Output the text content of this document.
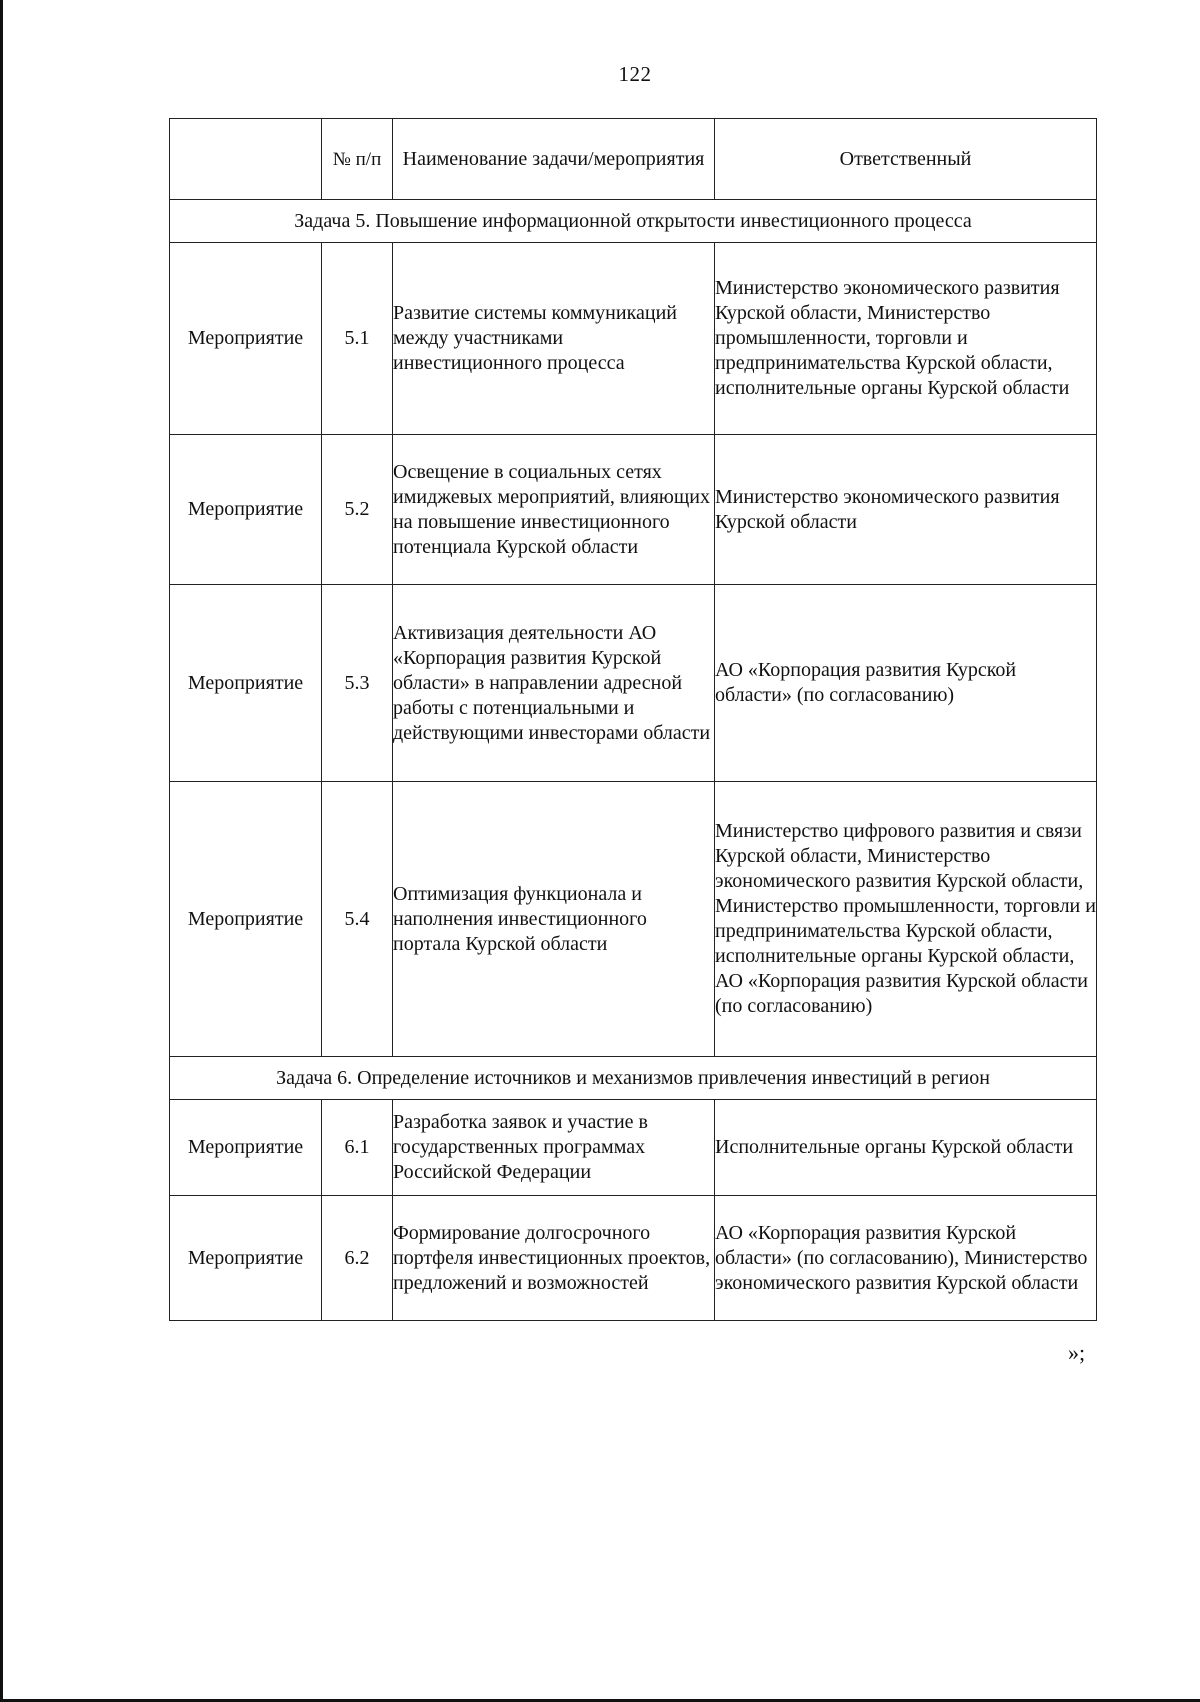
122
	№ п/п	Наименование задачи/мероприятия	Ответственный
Задача 5. Повышение информационной открытости инвестиционного процесса			
Мероприятие	5.1	Развитие системы коммуникаций между участниками инвестиционного процесса	Министерство экономического развития Курской области, Министерство промышленности, торговли и предпринимательства Курской области, исполнительные органы Курской области
Мероприятие	5.2	Освещение в социальных сетях имиджевых мероприятий, влияющих на повышение инвестиционного потенциала Курской области	Министерство экономического развития Курской области
Мероприятие	5.3	Активизация деятельности АО «Корпорация развития Курской области» в направлении адресной работы с потенциальными и действующими инвесторами области	АО «Корпорация развития Курской области» (по согласованию)
Мероприятие	5.4	Оптимизация функционала и наполнения инвестиционного портала Курской области	Министерство цифрового развития и связи Курской области, Министерство экономического развития Курской области, Министерство промышленности, торговли и предпринимательства Курской области, исполнительные органы Курской области, АО «Корпорация развития Курской области (по согласованию)
Задача 6. Определение источников и механизмов привлечения инвестиций в регион			
Мероприятие	6.1	Разработка заявок и участие в государственных программах Российской Федерации	Исполнительные органы Курской области
Мероприятие	6.2	Формирование долгосрочного портфеля инвестиционных проектов, предложений и возможностей	АО «Корпорация развития Курской области» (по согласованию), Министерство экономического развития Курской области
»;
